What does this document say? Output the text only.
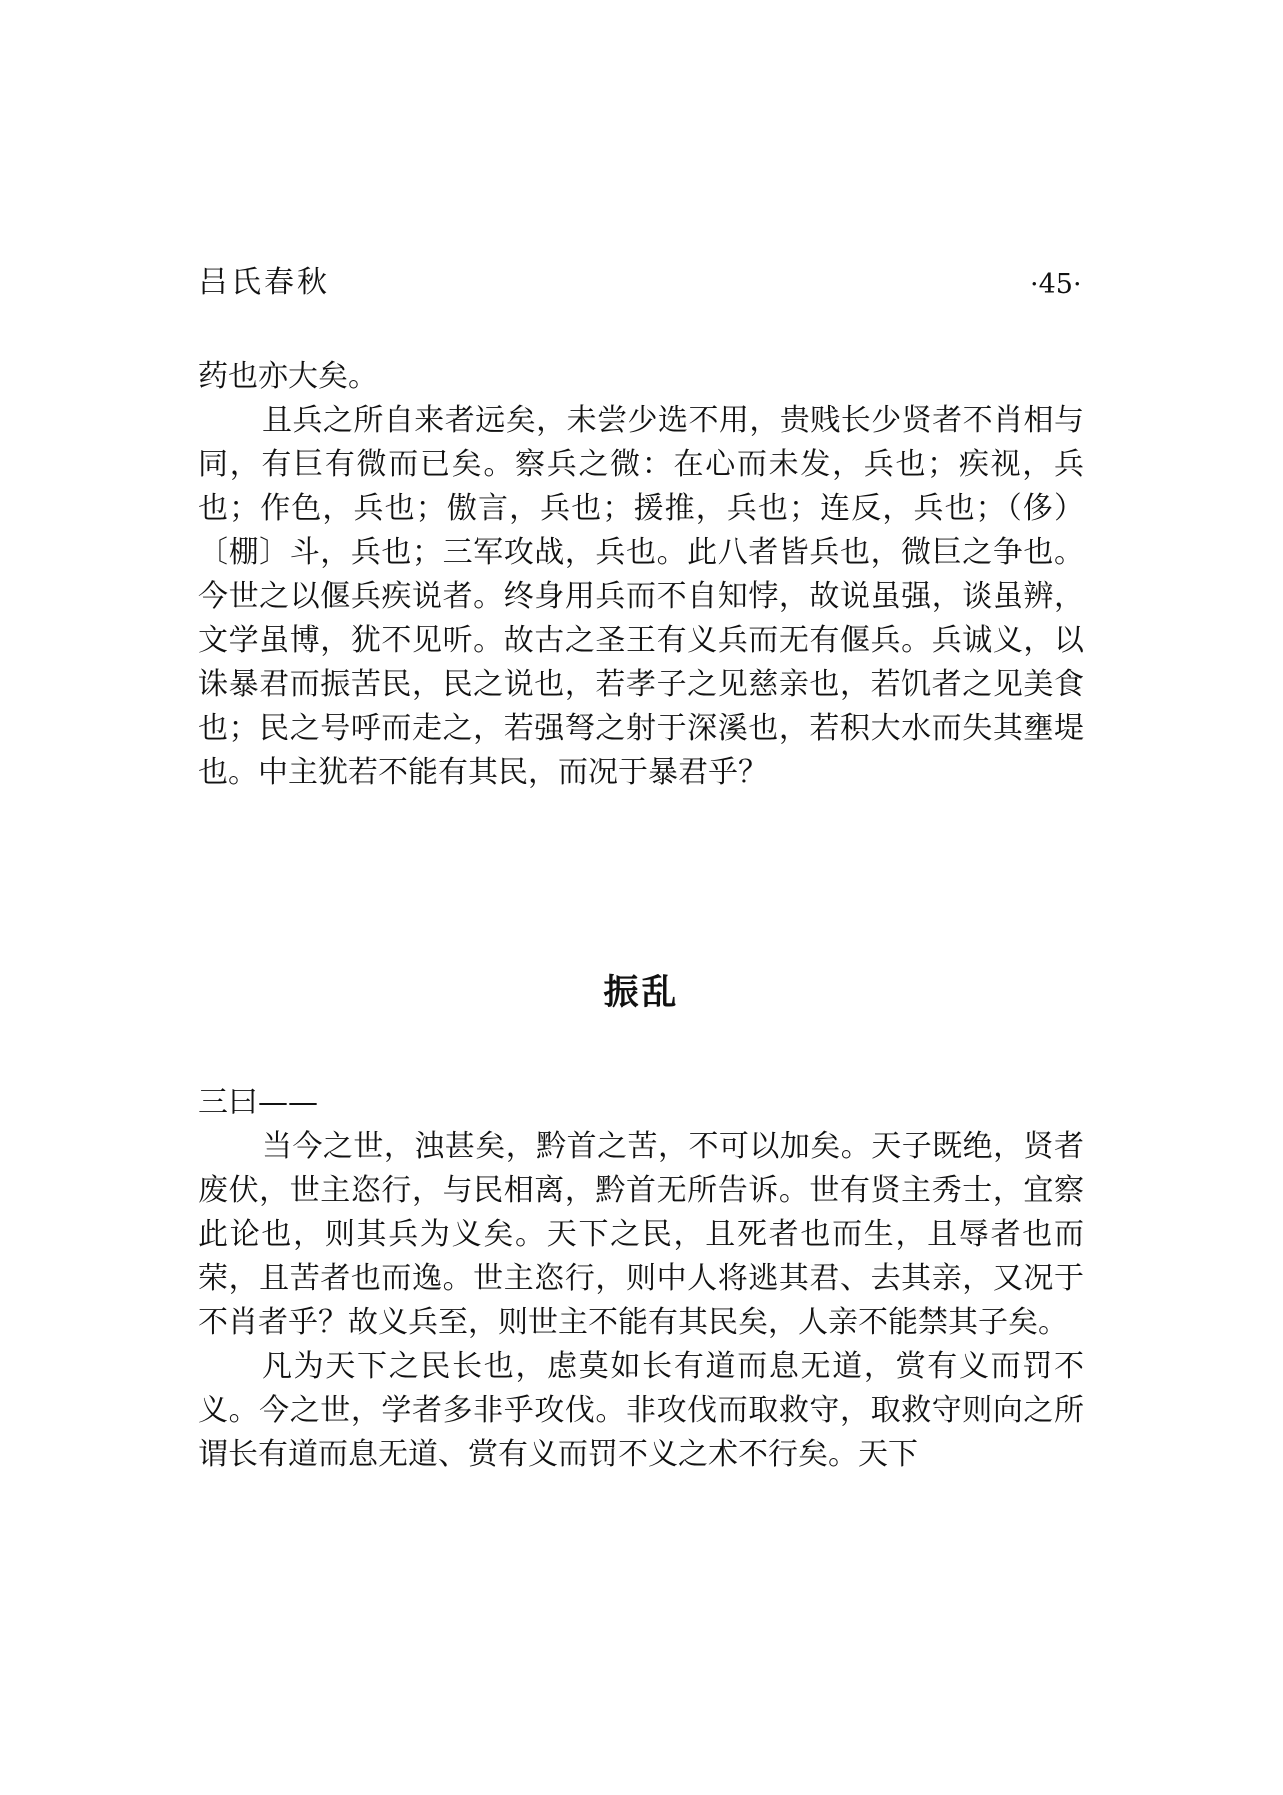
吕氏春秋	·45·

药也亦大矣。

且兵之所自来者远矣，未尝少选不用，贵贱长少贤者不肖相与同，有巨有微而已矣。察兵之微：在心而未发，兵也；疾视，兵也；作色，兵也；傲言，兵也；援推，兵也；连反，兵也；（侈）〔棚〕斗，兵也；三军攻战，兵也。此八者皆兵也，微巨之争也。今世之以偃兵疾说者。终身用兵而不自知悖，故说虽强，谈虽辨，文学虽博，犹不见听。故古之圣王有义兵而无有偃兵。兵诚义，以诛暴君而振苦民，民之说也，若孝子之见慈亲也，若饥者之见美食也；民之号呼而走之，若强弩之射于深溪也，若积大水而失其壅堤也。中主犹若不能有其民，而况于暴君乎？

振乱

三曰——

当今之世，浊甚矣，黔首之苦，不可以加矣。天子既绝，贤者废伏，世主恣行，与民相离，黔首无所告诉。世有贤主秀士，宜察此论也，则其兵为义矣。天下之民，且死者也而生，且辱者也而荣，且苦者也而逸。世主恣行，则中人将逃其君、去其亲，又况于不肖者乎？故义兵至，则世主不能有其民矣，人亲不能禁其子矣。

凡为天下之民长也，虑莫如长有道而息无道，赏有义而罚不义。今之世，学者多非乎攻伐。非攻伐而取救守，取救守则向之所谓长有道而息无道、赏有义而罚不义之术不行矣。天下
